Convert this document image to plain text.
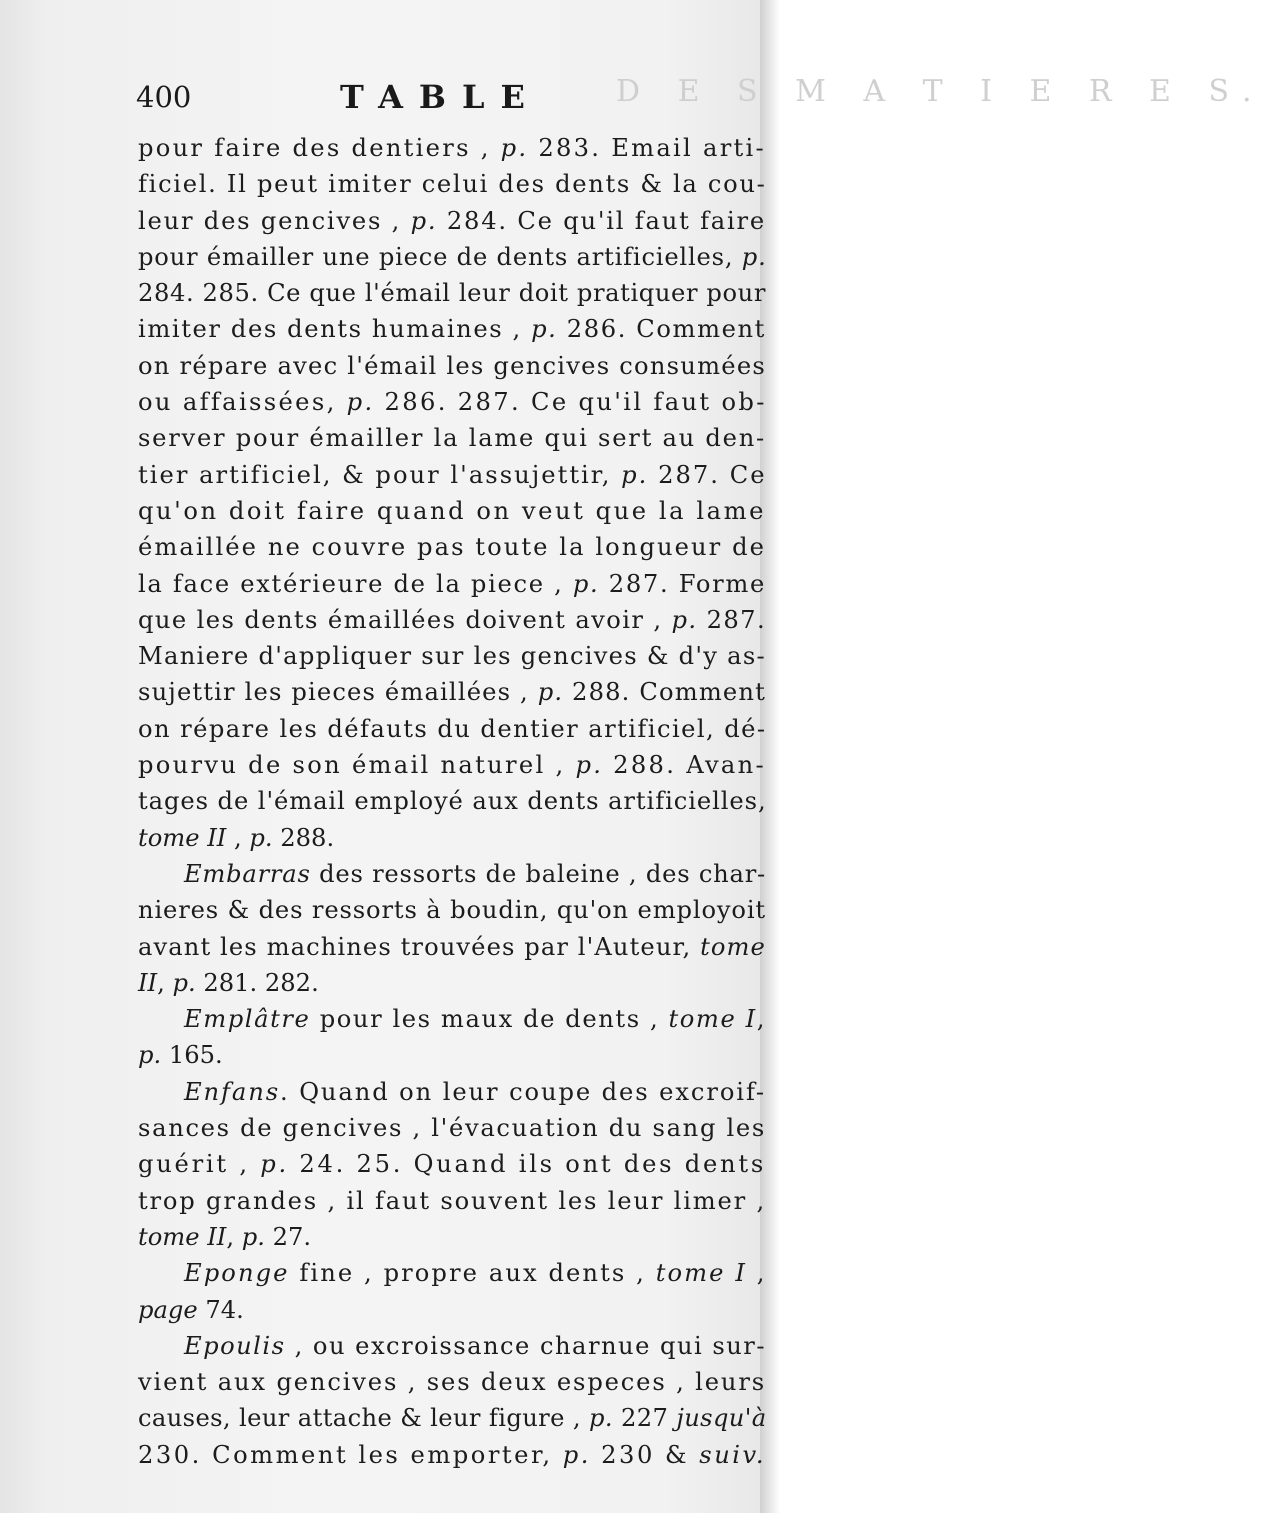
400	TABLE	D E S M A T I E R E S.
pour faire des dentiers , p. 283. Email arti-
ficiel. Il peut imiter celui des dents & la cou-
leur des gencives , p. 284. Ce qu'il faut faire
pour émailler une piece de dents artificielles, p.
284. 285. Ce que l'émail leur doit pratiquer pour
imiter des dents humaines , p. 286. Comment
on répare avec l'émail les gencives consumées
ou affaissées, p. 286. 287. Ce qu'il faut ob-
server pour émailler la lame qui sert au den-
tier artificiel, & pour l'assujettir, p. 287. Ce
qu'on doit faire quand on veut que la lame
émaillée ne couvre pas toute la longueur de
la face extérieure de la piece , p. 287. Forme
que les dents émaillées doivent avoir , p. 287.
Maniere d'appliquer sur les gencives & d'y as-
sujettir les pieces émaillées , p. 288. Comment
on répare les défauts du dentier artificiel, dé-
pourvu de son émail naturel , p. 288. Avan-
tages de l'émail employé aux dents artificielles,
tome II , p. 288.
Embarras des ressorts de baleine , des char-
nieres & des ressorts à boudin, qu'on employoit
avant les machines trouvées par l'Auteur, tome
II, p. 281. 282.
Emplâtre pour les maux de dents , tome I,
p. 165.
Enfans. Quand on leur coupe des excroif-
sances de gencives , l'évacuation du sang les
guérit , p. 24. 25. Quand ils ont des dents
trop grandes , il faut souvent les leur limer ,
tome II, p. 27.
Eponge fine , propre aux dents , tome I ,
page 74.
Epoulis , ou excroissance charnue qui sur-
vient aux gencives , ses deux especes , leurs
causes, leur attache & leur figure , p. 227 jusqu'à
230. Comment les emporter, p. 230 & suiv.
